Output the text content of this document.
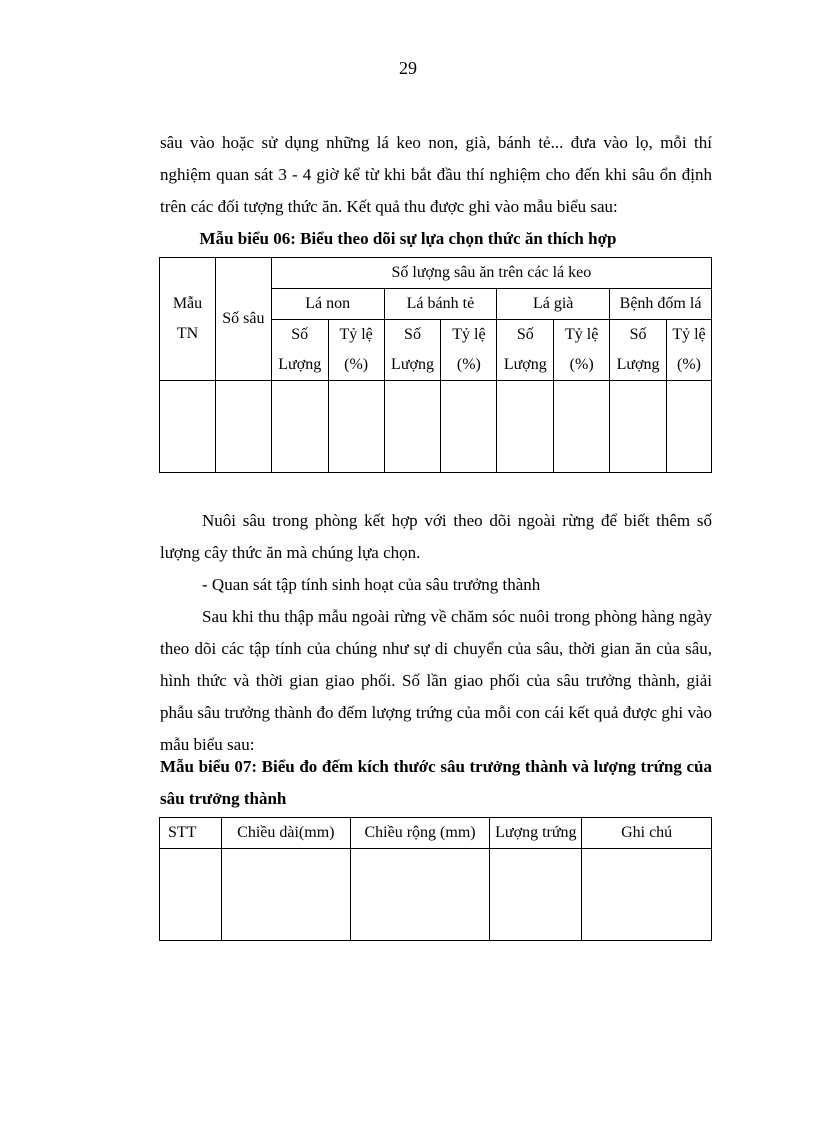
29

sâu vào hoặc sử dụng những lá keo non, già, bánh tẻ... đưa vào lọ, mỗi thí nghiệm quan sát 3 - 4 giờ kể từ khi bắt đầu thí nghiệm cho đến khi sâu ổn định trên các đối tượng thức ăn. Kết quả thu được ghi vào mẫu biểu sau:

Mẫu biểu 06: Biểu theo dõi sự lựa chọn thức ăn thích hợp
Mẫu TN	Số sâu	Số lượng sâu ăn trên các lá keo							
		Lá non		Lá bánh tẻ		Lá già		Bệnh đốm lá	
		Số Lượng	Tỷ lệ (%)	Số Lượng	Tỷ lệ (%)	Số Lượng	Tỷ lệ (%)	Số Lượng	Tỷ lệ (%)

Nuôi sâu trong phòng kết hợp với theo dõi ngoài rừng để biết thêm số lượng cây thức ăn mà chúng lựa chọn.

- Quan sát tập tính sinh hoạt của sâu trưởng thành

Sau khi thu thập mẫu ngoài rừng về chăm sóc nuôi trong phòng hàng ngày theo dõi các tập tính của chúng như sự di chuyển của sâu, thời gian ăn của sâu, hình thức và thời gian giao phối. Số lần giao phối của sâu trưởng thành, giải phẫu sâu trưởng thành đo đếm lượng trứng của mỗi con cái kết quả được ghi vào mẫu biểu sau:

Mẫu biểu 07: Biểu đo đếm kích thước sâu trưởng thành và lượng trứng của sâu trưởng thành
STT	Chiều dài(mm)	Chiều rộng (mm)	Lượng trứng	Ghi chú
